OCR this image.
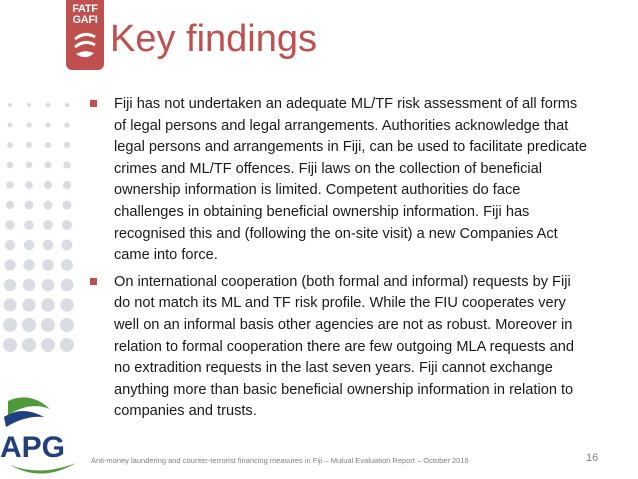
FATF
GAFI Key findings
APG

Fiji has not undertaken an adequate ML/TF risk assessment of all forms of legal persons and legal arrangements. Authorities acknowledge that legal persons and arrangements in Fiji, can be used to facilitate predicate crimes and ML/TF offences. Fiji laws on the collection of beneficial ownership information is limited. Competent authorities do face challenges in obtaining beneficial ownership information. Fiji has recognised this and (following the on-site visit) a new Companies Act came into force.

On international cooperation (both formal and informal) requests by Fiji do not match its ML and TF risk profile. While the FIU cooperates very well on an informal basis other agencies are not as robust. Moreover in relation to formal cooperation there are few outgoing MLA requests and no extradition requests in the last seven years. Fiji cannot exchange anything more than basic beneficial ownership information in relation to companies and trusts.

Anti-money laundering and counter-terrorist financing measures in Fiji – Mutual Evaluation Report – October 2016	16
